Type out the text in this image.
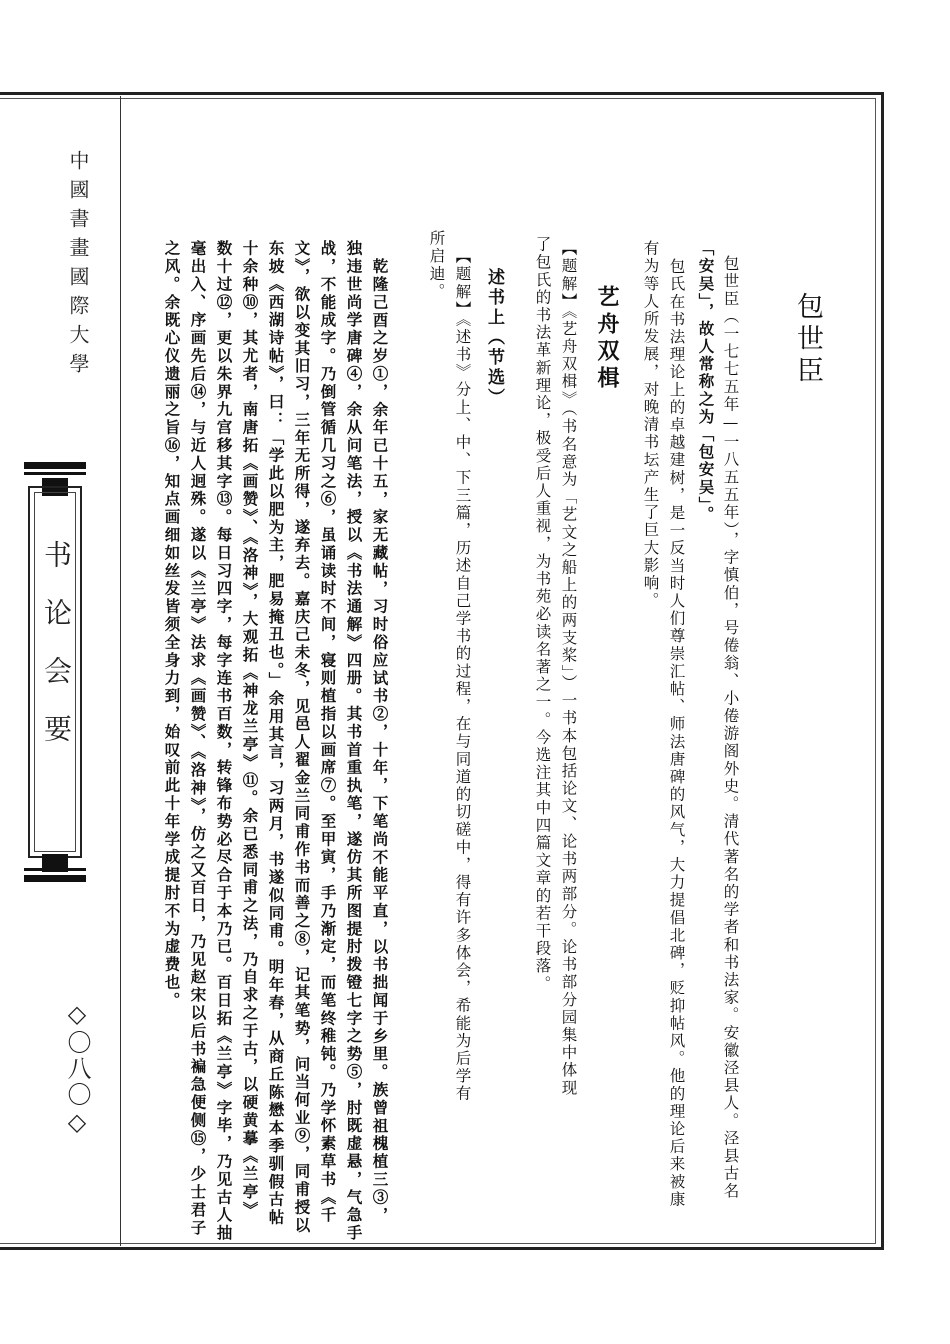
中國書畫國際大學

书论会要

◇〇八〇◇

包世臣

包世臣（一七七五年—一八五五年），字慎伯，号倦翁、小倦游阁外史。清代著名的学者和书法家。安徽泾县人。泾县古名

「安吴」，故人常称之为「包安吴」。

包氏在书法理论上的卓越建树，是一反当时人们尊崇汇帖、师法唐碑的风气，大力提倡北碑，贬抑帖风。他的理论后来被康

有为等人所发展，对晚清书坛产生了巨大影响。

艺舟双楫

【题解】《艺舟双楫》（书名意为「艺文之船上的两支桨」）一书本包括论文、论书两部分。论书部分园集中体现

了包氏的书法革新理论，极受后人重视，为书苑必读名著之一。今选注其中四篇文章的若干段落。

述书上（节选）

【题解】《述书》分上、中、下三篇，历述自己学书的过程，在与同道的切磋中，得有许多体会，希能为后学有

所启迪。

乾隆己酉之岁①，余年已十五，家无藏帖，习时俗应试书②，十年，下笔尚不能平直，以书拙闻于乡里。族曾祖槐植三③，

独违世尚学唐碑④，余从问笔法，授以《书法通解》四册。其书首重执笔，遂仿其所图提肘拨镫七字之势⑤，肘既虚悬，气急手

战，不能成字。乃倒管循几习之⑥，虽诵读时不间，寝则植指以画席⑦。至甲寅，手乃渐定，而笔终稚钝。乃学怀素草书《千

文》，欲以变其旧习，三年无所得，遂弃去。嘉庆己未冬，见邑人翟金兰同甫作书而善之⑧，记其笔势，问当何业⑨，同甫授以

东坡《西湖诗帖》，曰：「学此以肥为主，肥易掩丑也。」余用其言，习两月，书遂似同甫。明年春，从商丘陈懋本季驯假古帖

十余种⑩，其尤者，南唐拓《画赞》、《洛神》，大观拓《神龙兰亭》⑪。余已悉同甫之法，乃自求之于古，以硬黄摹《兰亭》

数十过⑫，更以朱界九宫移其字⑬。每日习四字，每字连书百数，转锋布势必尽合于本乃已。百日拓《兰亭》字毕，乃见古人抽

毫出入、序画先后⑭，与近人迥殊。遂以《兰亭》法求《画赞》、《洛神》，仿之又百日，乃见赵宋以后书褊急便侧⑮，少士君子

之风。余既心仪遗丽之旨⑯，知点画细如丝发皆须全身力到，始叹前此十年学成提肘不为虚费也。
